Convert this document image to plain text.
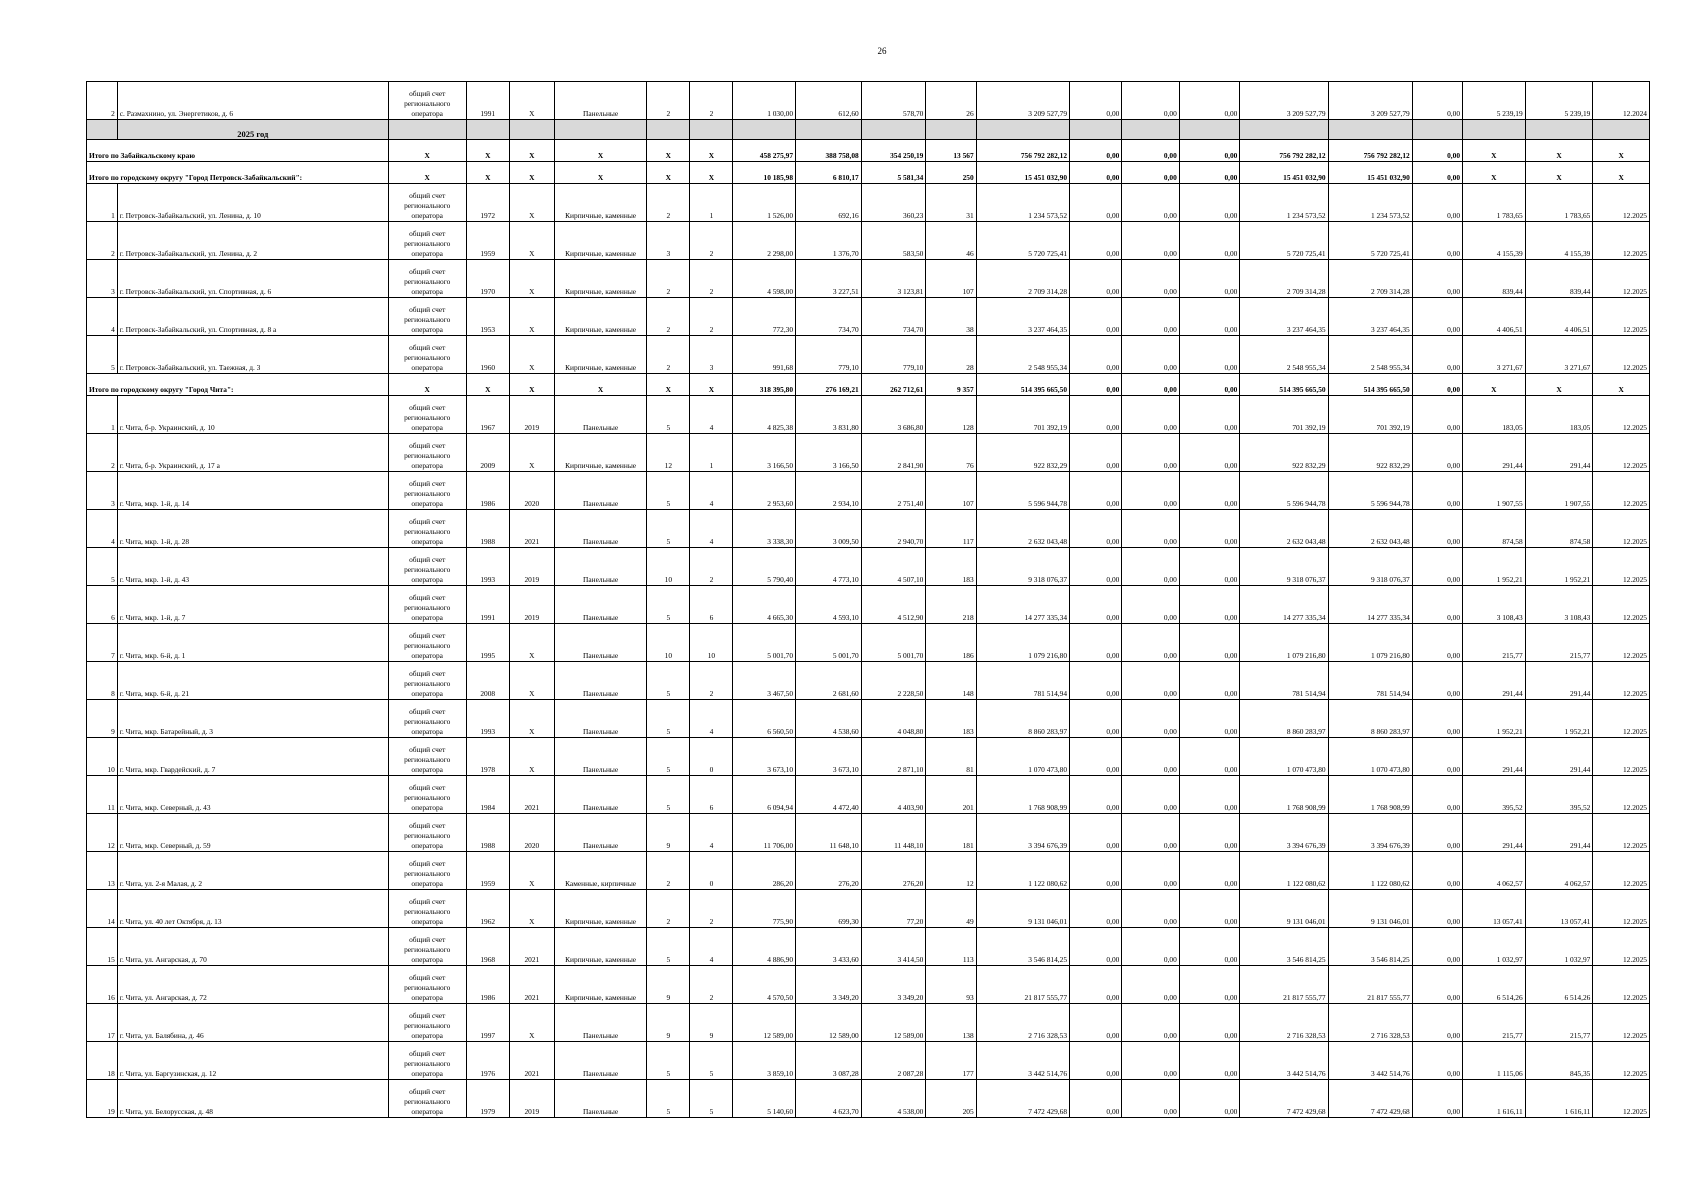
26
2	с. Размахнино, ул. Энергетиков, д. 6	общий счет регионального оператора	1991	X	Панельные	2	2	1 030,00	612,60	578,70	26	3 209 527,79	0,00	0,00	0,00	3 209 527,79	3 209 527,79	0,00	5 239,19	5 239,19	12.2024
	2025 год																				
Итого по Забайкальскому краю		X	X	X	X	X	X	458 275,97	388 758,08	354 250,19	13 567	756 792 282,12	0,00	0,00	0,00	756 792 282,12	756 792 282,12	0,00	X	X	X
Итого по городскому округу "Город Петровск-Забайкальский":		X	X	X	X	X	X	10 185,98	6 810,17	5 581,34	250	15 451 032,90	0,00	0,00	0,00	15 451 032,90	15 451 032,90	0,00	X	X	X
1	г. Петровск-Забайкальский, ул. Ленина, д. 10	общий счет регионального оператора	1972	X	Кирпичные, каменные	2	1	1 526,00	692,16	360,23	31	1 234 573,52	0,00	0,00	0,00	1 234 573,52	1 234 573,52	0,00	1 783,65	1 783,65	12.2025
2	г. Петровск-Забайкальский, ул. Ленина, д. 2	общий счет регионального оператора	1959	X	Кирпичные, каменные	3	2	2 298,00	1 376,70	583,50	46	5 720 725,41	0,00	0,00	0,00	5 720 725,41	5 720 725,41	0,00	4 155,39	4 155,39	12.2025
3	г. Петровск-Забайкальский, ул. Спортивная, д. 6	общий счет регионального оператора	1970	X	Кирпичные, каменные	2	2	4 598,00	3 227,51	3 123,81	107	2 709 314,28	0,00	0,00	0,00	2 709 314,28	2 709 314,28	0,00	839,44	839,44	12.2025
4	г. Петровск-Забайкальский, ул. Спортивная, д. 8 а	общий счет регионального оператора	1953	X	Кирпичные, каменные	2	2	772,30	734,70	734,70	38	3 237 464,35	0,00	0,00	0,00	3 237 464,35	3 237 464,35	0,00	4 406,51	4 406,51	12.2025
5	г. Петровск-Забайкальский, ул. Таежная, д. 3	общий счет регионального оператора	1960	X	Кирпичные, каменные	2	3	991,68	779,10	779,10	28	2 548 955,34	0,00	0,00	0,00	2 548 955,34	2 548 955,34	0,00	3 271,67	3 271,67	12.2025
Итого по городскому округу "Город Чита":		X	X	X	X	X	X	318 395,80	276 169,21	262 712,61	9 357	514 395 665,50	0,00	0,00	0,00	514 395 665,50	514 395 665,50	0,00	X	X	X
1	г. Чита, б-р. Украинский, д. 10	общий счет регионального оператора	1967	2019	Панельные	5	4	4 825,38	3 831,80	3 686,80	128	701 392,19	0,00	0,00	0,00	701 392,19	701 392,19	0,00	183,05	183,05	12.2025
2	г. Чита, б-р. Украинский, д. 17 а	общий счет регионального оператора	2009	X	Кирпичные, каменные	12	1	3 166,50	3 166,50	2 841,90	76	922 832,29	0,00	0,00	0,00	922 832,29	922 832,29	0,00	291,44	291,44	12.2025
3	г. Чита, мкр. 1-й, д. 14	общий счет регионального оператора	1986	2020	Панельные	5	4	2 953,60	2 934,10	2 751,40	107	5 596 944,78	0,00	0,00	0,00	5 596 944,78	5 596 944,78	0,00	1 907,55	1 907,55	12.2025
4	г. Чита, мкр. 1-й, д. 28	общий счет регионального оператора	1988	2021	Панельные	5	4	3 338,30	3 009,50	2 940,70	117	2 632 043,48	0,00	0,00	0,00	2 632 043,48	2 632 043,48	0,00	874,58	874,58	12.2025
5	г. Чита, мкр. 1-й, д. 43	общий счет регионального оператора	1993	2019	Панельные	10	2	5 790,40	4 773,10	4 507,10	183	9 318 076,37	0,00	0,00	0,00	9 318 076,37	9 318 076,37	0,00	1 952,21	1 952,21	12.2025
6	г. Чита, мкр. 1-й, д. 7	общий счет регионального оператора	1991	2019	Панельные	5	6	4 665,30	4 593,10	4 512,90	218	14 277 335,34	0,00	0,00	0,00	14 277 335,34	14 277 335,34	0,00	3 108,43	3 108,43	12.2025
7	г. Чита, мкр. 6-й, д. 1	общий счет регионального оператора	1995	X	Панельные	10	10	5 001,70	5 001,70	5 001,70	186	1 079 216,80	0,00	0,00	0,00	1 079 216,80	1 079 216,80	0,00	215,77	215,77	12.2025
8	г. Чита, мкр. 6-й, д. 21	общий счет регионального оператора	2008	X	Панельные	5	2	3 467,50	2 681,60	2 228,50	148	781 514,94	0,00	0,00	0,00	781 514,94	781 514,94	0,00	291,44	291,44	12.2025
9	г. Чита, мкр. Батарейный, д. 3	общий счет регионального оператора	1993	X	Панельные	5	4	6 560,50	4 538,60	4 048,80	183	8 860 283,97	0,00	0,00	0,00	8 860 283,97	8 860 283,97	0,00	1 952,21	1 952,21	12.2025
10	г. Чита, мкр. Гвардейский, д. 7	общий счет регионального оператора	1978	X	Панельные	5	0	3 673,10	3 673,10	2 871,10	81	1 070 473,80	0,00	0,00	0,00	1 070 473,80	1 070 473,80	0,00	291,44	291,44	12.2025
11	г. Чита, мкр. Северный, д. 43	общий счет регионального оператора	1984	2021	Панельные	5	6	6 094,94	4 472,40	4 403,90	201	1 768 908,99	0,00	0,00	0,00	1 768 908,99	1 768 908,99	0,00	395,52	395,52	12.2025
12	г. Чита, мкр. Северный, д. 59	общий счет регионального оператора	1988	2020	Панельные	9	4	11 706,00	11 648,10	11 448,10	181	3 394 676,39	0,00	0,00	0,00	3 394 676,39	3 394 676,39	0,00	291,44	291,44	12.2025
13	г. Чита, ул. 2-я Малая, д. 2	общий счет регионального оператора	1959	X	Каменные, кирпичные	2	0	286,20	276,20	276,20	12	1 122 080,62	0,00	0,00	0,00	1 122 080,62	1 122 080,62	0,00	4 062,57	4 062,57	12.2025
14	г. Чита, ул. 40 лет Октября, д. 13	общий счет регионального оператора	1962	X	Кирпичные, каменные	2	2	775,90	699,30	77,20	49	9 131 046,01	0,00	0,00	0,00	9 131 046,01	9 131 046,01	0,00	13 057,41	13 057,41	12.2025
15	г. Чита, ул. Ангарская, д. 70	общий счет регионального оператора	1968	2021	Кирпичные, каменные	5	4	4 886,90	3 433,60	3 414,50	113	3 546 814,25	0,00	0,00	0,00	3 546 814,25	3 546 814,25	0,00	1 032,97	1 032,97	12.2025
16	г. Чита, ул. Ангарская, д. 72	общий счет регионального оператора	1986	2021	Кирпичные, каменные	9	2	4 570,50	3 349,20	3 349,20	93	21 817 555,77	0,00	0,00	0,00	21 817 555,77	21 817 555,77	0,00	6 514,26	6 514,26	12.2025
17	г. Чита, ул. Балябина, д. 46	общий счет регионального оператора	1997	X	Панельные	9	9	12 589,00	12 589,00	12 589,00	138	2 716 328,53	0,00	0,00	0,00	2 716 328,53	2 716 328,53	0,00	215,77	215,77	12.2025
18	г. Чита, ул. Баргузинская, д. 12	общий счет регионального оператора	1976	2021	Панельные	5	5	3 859,10	3 087,28	2 087,28	177	3 442 514,76	0,00	0,00	0,00	3 442 514,76	3 442 514,76	0,00	1 115,06	845,35	12.2025
19	г. Чита, ул. Белорусская, д. 48	общий счет регионального оператора	1979	2019	Панельные	5	5	5 140,60	4 623,70	4 538,00	205	7 472 429,68	0,00	0,00	0,00	7 472 429,68	7 472 429,68	0,00	1 616,11	1 616,11	12.2025
